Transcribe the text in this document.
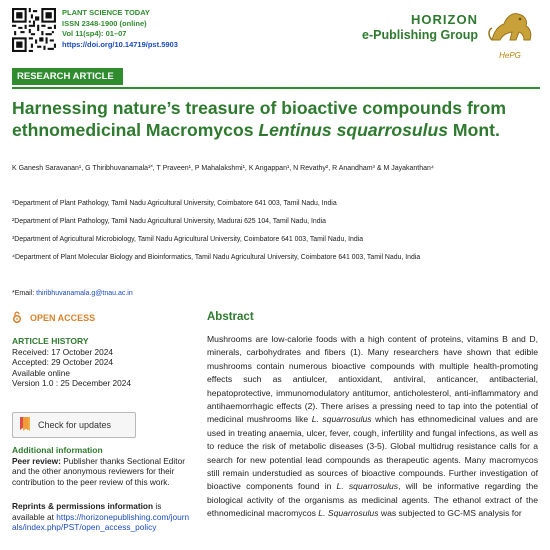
PLANT SCIENCE TODAY
ISSN 2348-1900 (online)
Vol 11(sp4): 01–07
https://doi.org/10.14719/pst.5903
HORIZON
e-Publishing Group
HePG
RESEARCH ARTICLE
Harnessing nature’s treasure of bioactive compounds from
ethnomedicinal Macromycos Lentinus squarrosulus Mont.
K Ganesh Saravanan¹, G Thiribhuvanamala¹˟, T Praveen¹, P Mahalakshmi¹, K Angappan¹, N Revathy², R Anandham³ & M Jayakanthan⁴
¹Department of Plant Pathology, Tamil Nadu Agricultural University, Coimbatore 641 003, Tamil Nadu, India
²Department of Plant Pathology, Tamil Nadu Agricultural University, Madurai 625 104, Tamil Nadu, India
³Department of Agricultural Microbiology, Tamil Nadu Agricultural University, Coimbatore 641 003, Tamil Nadu, India
⁴Department of Plant Molecular Biology and Bioinformatics, Tamil Nadu Agricultural University, Coimbatore 641 003, Tamil Nadu, India
*Email: thiribhuvanamala.g@tnau.ac.in
OPEN ACCESS
ARTICLE HISTORY
Received: 17 October 2024
Accepted: 29 October 2024
Available online
Version 1.0 : 25 December 2024
Check for updates
Additional information
Peer review: Publisher thanks Sectional Editor and the other anonymous reviewers for their contribution to the peer review of this work.
Reprints & permissions information is available at https://horizonepublishing.com/journals/index.php/PST/open_access_policy
Abstract
Mushrooms are low-calorie foods with a high content of proteins, vitamins B and D, minerals, carbohydrates and fibers (1). Many researchers have shown that edible mushrooms contain numerous bioactive compounds with multiple health-promoting effects such as antiulcer, antioxidant, antiviral, anticancer, antibacterial, hepatoprotective, immunomodulatory antitumor, anticholesterol, anti-inflammatory and antihaemorrhagic effects (2). There arises a pressing need to tap into the potential of medicinal mushrooms like L. squarrosulus which has ethnomedicinal values and are used in treating anaemia, ulcer, fever, cough, infertility and fungal infections, as well as to reduce the risk of metabolic diseases (3-5). Global multidrug resistance calls for a search for new potential lead compounds as therapeutic agents. Many macromycos still remain understudied as sources of bioactive compounds. Further investigation of bioactive components found in L. squarrosulus, will be informative regarding the biological activity of the organisms as medicinal agents. The ethanol extract of the ethnomedicinal macromycos L. Squarrosulus was subjected to GC-MS analysis for
